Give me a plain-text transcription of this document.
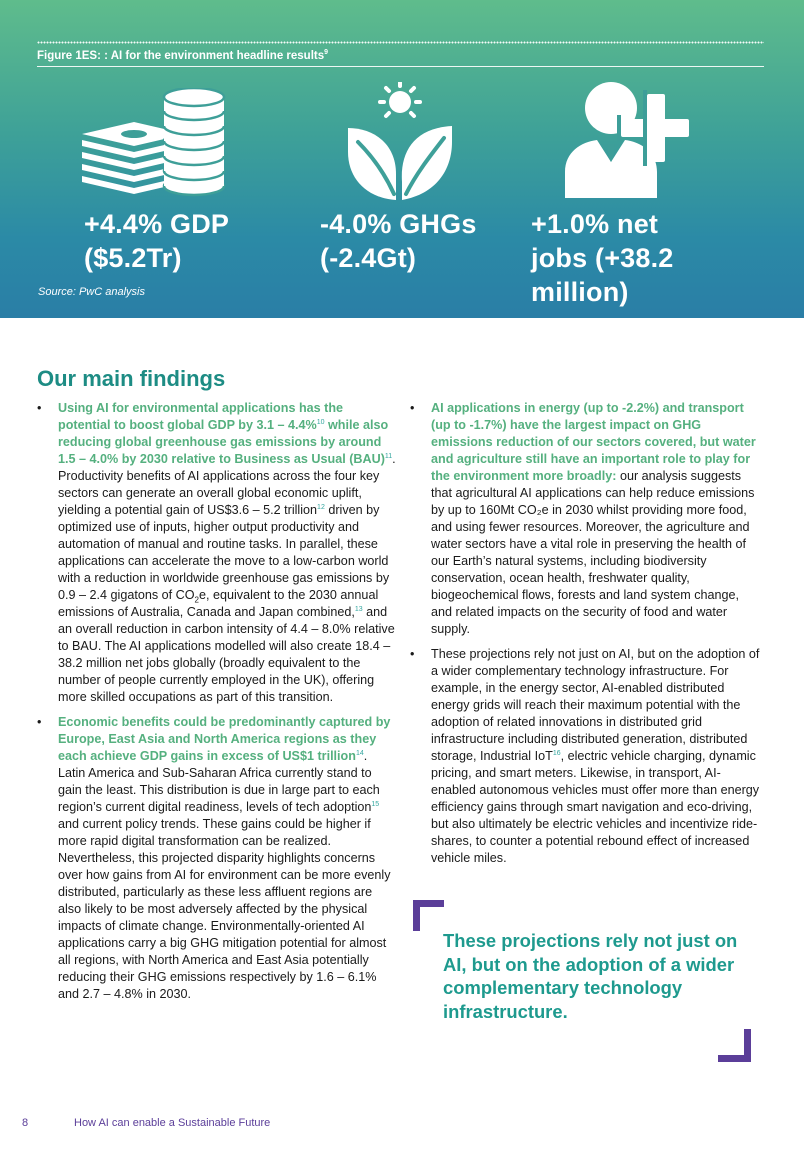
Figure 1ES: : AI for the environment headline results$^9$
+4.4% GDP
($5.2Tr)
-4.0% GHGs
(-2.4Gt)
+1.0% net
jobs (+38.2
million)
Source: PwC analysis
Our main findings
•	Using AI for environmental applications has the potential to boost global GDP by 3.1 – 4.4%$^{10}$ while also reducing global greenhouse gas emissions by around 1.5 – 4.0% by 2030 relative to Business as Usual (BAU)$^{11}$. Productivity benefits of AI applications across the four key sectors can generate an overall global economic uplift, yielding a potential gain of US$3.6 – 5.2 trillion$^{12}$ driven by optimized use of inputs, higher output productivity and automation of manual and routine tasks. In parallel, these applications can accelerate the move to a low-carbon world with a reduction in worldwide greenhouse gas emissions by 0.9 – 2.4 gigatons of $CO_2e$, equivalent to the 2030 annual emissions of Australia, Canada and Japan combined,$^{13}$ and an overall reduction in carbon intensity of 4.4 – 8.0% relative to BAU. The AI applications modelled will also create 18.4 – 38.2 million net jobs globally (broadly equivalent to the number of people currently employed in the UK), offering more skilled occupations as part of this transition.
•	Economic benefits could be predominantly captured by Europe, East Asia and North America regions as they each achieve GDP gains in excess of US$1 trillion$^{14}$. Latin America and Sub-Saharan Africa currently stand to gain the least. This distribution is due in large part to each region’s current digital readiness, levels of tech adoption$^{15}$ and current policy trends. These gains could be higher if more rapid digital transformation can be realized. Nevertheless, this projected disparity highlights concerns over how gains from AI for environment can be more evenly distributed, particularly as these less affluent regions are also likely to be most adversely affected by the physical impacts of climate change. Environmentally-oriented AI applications carry a big GHG mitigation potential for almost all regions, with North America and East Asia potentially reducing their GHG emissions respectively by 1.6 – 6.1% and 2.7 – 4.8% in 2030.
•	AI applications in energy (up to -2.2%) and transport (up to -1.7%) have the largest impact on GHG emissions reduction of our sectors covered, but water and agriculture still have an important role to play for the environment more broadly: our analysis suggests that agricultural AI applications can help reduce emissions by up to 160Mt CO₂e in 2030 whilst providing more food, and using fewer resources. Moreover, the agriculture and water sectors have a vital role in preserving the health of our Earth’s natural systems, including biodiversity conservation, ocean health, freshwater quality, biogeochemical flows, forests and land system change, and related impacts on the security of food and water supply.
•	These projections rely not just on AI, but on the adoption of a wider complementary technology infrastructure. For example, in the energy sector, AI-enabled distributed energy grids will reach their maximum potential with the adoption of related innovations in distributed grid infrastructure including distributed generation, distributed storage, Industrial IoT$^{16}$, electric vehicle charging, dynamic pricing, and smart meters. Likewise, in transport, AI-enabled autonomous vehicles must offer more than energy efficiency gains through smart navigation and eco-driving, but also ultimately be electric vehicles and incentivize ride-shares, to counter a potential rebound effect of increased vehicle miles.
These projections rely not just on AI, but on the adoption of a wider complementary technology infrastructure.
8	How AI can enable a Sustainable Future
